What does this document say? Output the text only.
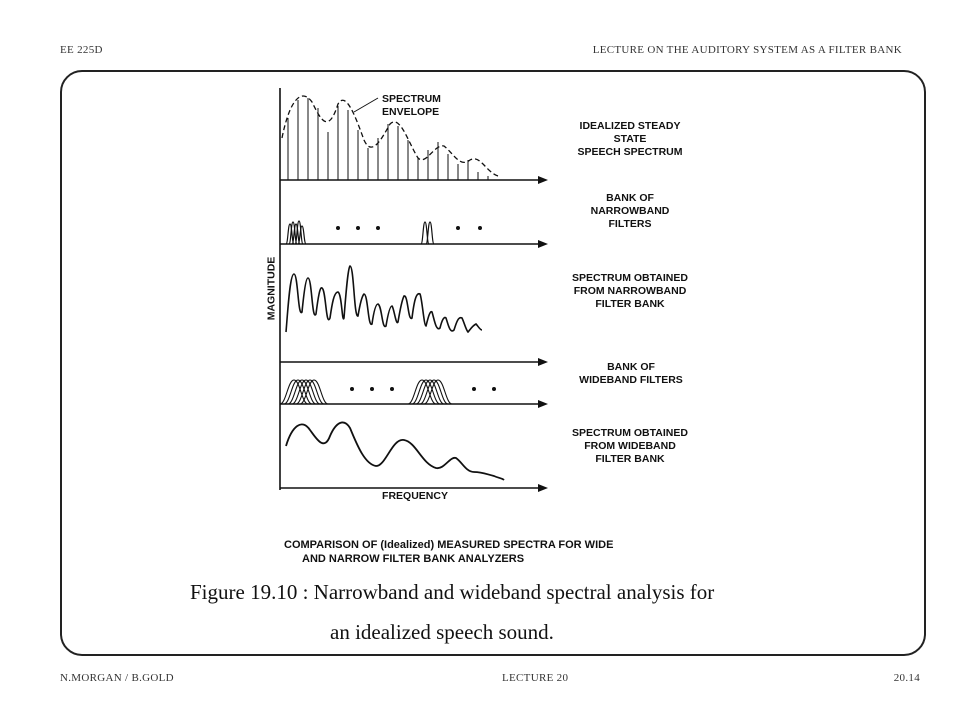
EE 225D	LECTURE ON THE AUDITORY SYSTEM AS A FILTER BANK
SPECTRUM
ENVELOPE
MAGNITUDE
FREQUENCY
IDEALIZED STEADY
STATE
SPEECH SPECTRUM
BANK OF
NARROWBAND
FILTERS
SPECTRUM OBTAINED
FROM NARROWBAND
FILTER BANK
BANK OF
WIDEBAND FILTERS
SPECTRUM OBTAINED
FROM WIDEBAND
FILTER BANK
COMPARISON OF (Idealized) MEASURED SPECTRA FOR WIDE
AND NARROW FILTER BANK ANALYZERS
Figure 19.10 : Narrowband and wideband spectral analysis for
an idealized speech sound.
N.MORGAN / B.GOLD	LECTURE 20	20.14
